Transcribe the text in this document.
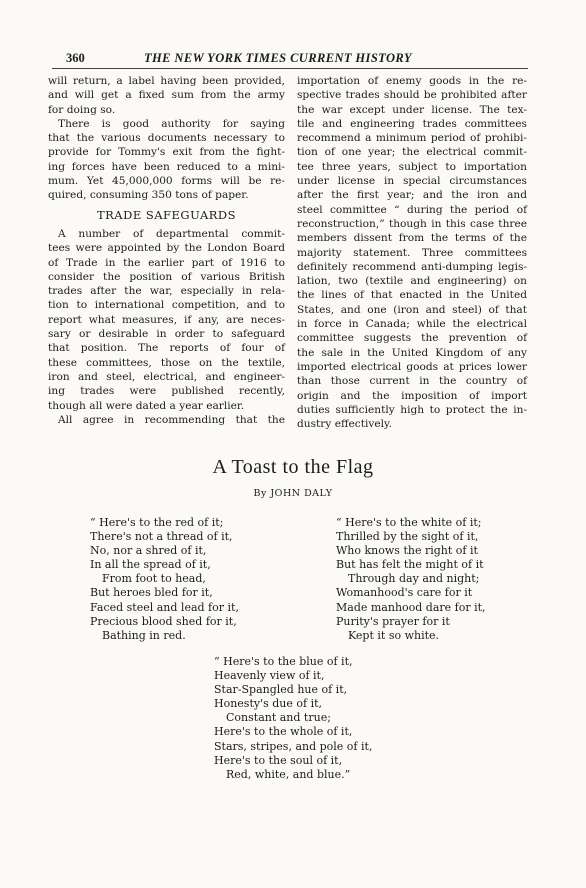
360	THE NEW YORK TIMES CURRENT HISTORY
will return, a label having been provided,
and will get a fixed sum from the army
for doing so.
There is good authority for saying
that the various documents necessary to
provide for Tommy's exit from the fight-
ing forces have been reduced to a mini-
mum. Yet 45,000,000 forms will be re-
quired, consuming 350 tons of paper.
TRADE SAFEGUARDS
A number of departmental commit-
tees were appointed by the London Board
of Trade in the earlier part of 1916 to
consider the position of various British
trades after the war, especially in rela-
tion to international competition, and to
report what measures, if any, are neces-
sary or desirable in order to safeguard
that position. The reports of four of
these committees, those on the textile,
iron and steel, electrical, and engineer-
ing trades were published recently,
though all were dated a year earlier.
All agree in recommending that the
importation of enemy goods in the re-
spective trades should be prohibited after
the war except under license. The tex-
tile and engineering trades committees
recommend a minimum period of prohibi-
tion of one year; the electrical commit-
tee three years, subject to importation
under license in special circumstances
after the first year; and the iron and
steel committee “ during the period of
reconstruction,” though in this case three
members dissent from the terms of the
majority statement. Three committees
definitely recommend anti-dumping legis-
lation, two (textile and engineering) on
the lines of that enacted in the United
States, and one (iron and steel) of that
in force in Canada; while the electrical
committee suggests the prevention of
the sale in the United Kingdom of any
imported electrical goods at prices lower
than those current in the country of
origin and the imposition of import
duties sufficiently high to protect the in-
dustry effectively.
A Toast to the Flag
By JOHN DALY
“ Here's to the red of it;
There's not a thread of it,
No, nor a shred of it,
In all the spread of it,
From foot to head,
But heroes bled for it,
Faced steel and lead for it,
Precious blood shed for it,
Bathing in red.
“ Here's to the white of it;
Thrilled by the sight of it,
Who knows the right of it
But has felt the might of it
Through day and night;
Womanhood's care for it
Made manhood dare for it,
Purity's prayer for it
Kept it so white.
“ Here's to the blue of it,
Heavenly view of it,
Star-Spangled hue of it,
Honesty's due of it,
Constant and true;
Here's to the whole of it,
Stars, stripes, and pole of it,
Here's to the soul of it,
Red, white, and blue.”
